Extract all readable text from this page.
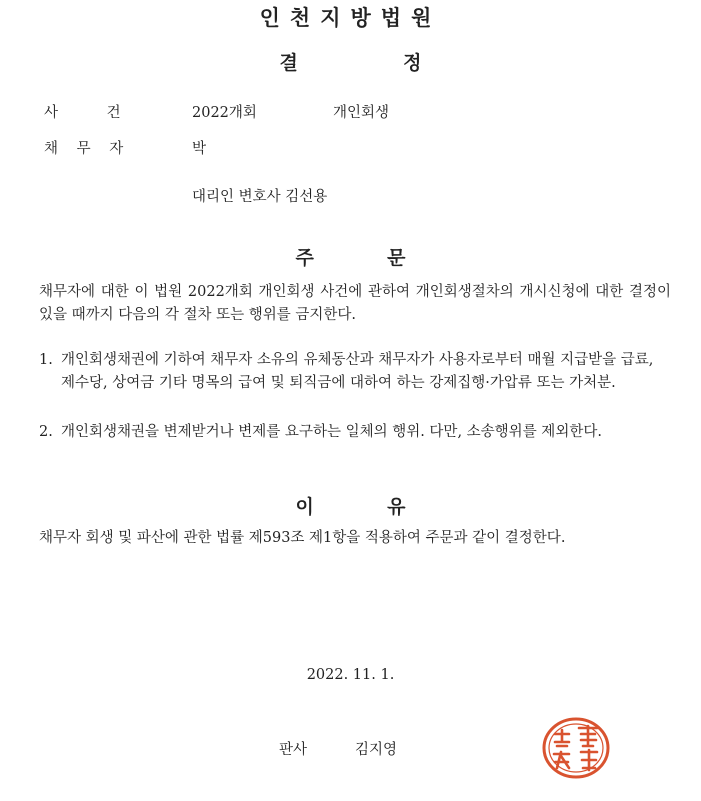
인천지방법원
결	정
사 건	2022개회	개인회생
채 무 자	박
대리인 변호사 김선용
주	문
채무자에 대한 이 법원 2022개회 개인회생 사건에 관하여 개인회생절차의 개시신청에 대한 결정이 있을 때까지 다음의 각 절차 또는 행위를 금지한다.
1. 개인회생채권에 기하여 채무자 소유의 유체동산과 채무자가 사용자로부터 매월 지급받을 급료, 제수당, 상여금 기타 명목의 급여 및 퇴직금에 대하여 하는 강제집행·가압류 또는 가처분.
2. 개인회생채권을 변제받거나 변제를 요구하는 일체의 행위. 다만, 소송행위를 제외한다.
이	유
채무자 회생 및 파산에 관한 법률 제593조 제1항을 적용하여 주문과 같이 결정한다.
2022. 11. 1.
판사	김지영
